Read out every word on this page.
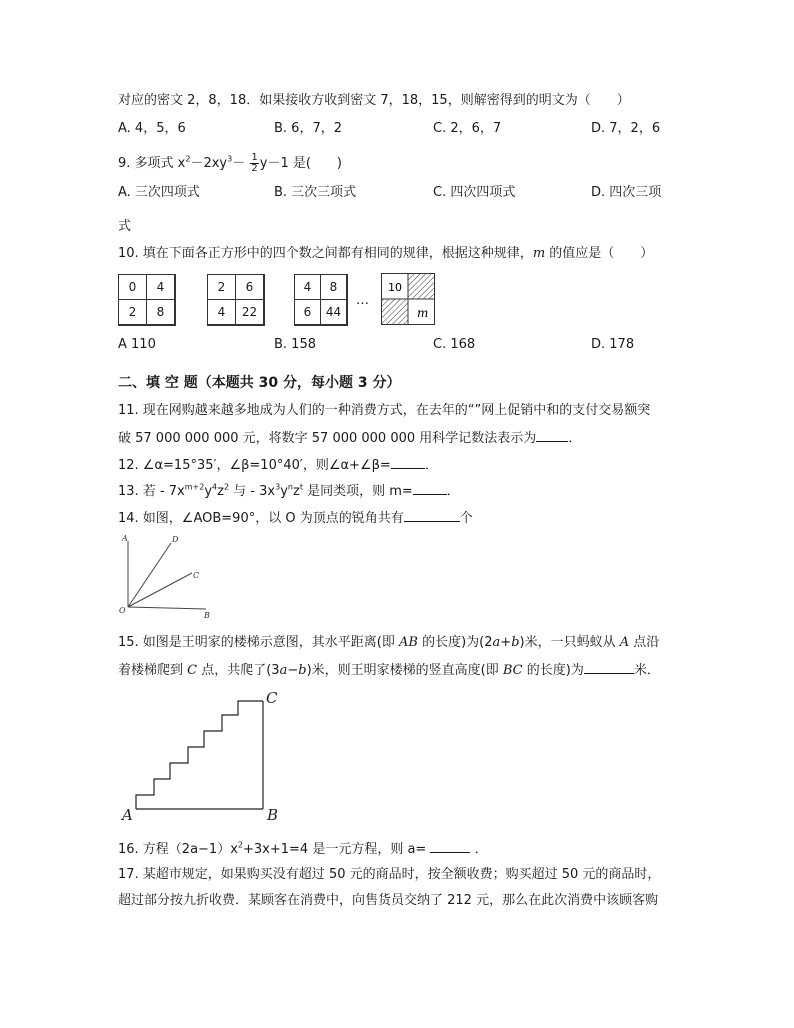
对应的密文 2，8，18．如果接收方收到密文 7，18，15，则解密得到的明文为（　　）
A. 4，5，6	B. 6，7，2	C. 2，6，7	D. 7，2，6
9. 多项式 $x^2-2xy^3- \frac{1}{2} y-1$ 是(　　)
A. 三次四项式	B. 三次三项式	C. 四次四项式	D. 四次三项
式
10. 填在下面各正方形中的四个数之间都有相同的规律，根据这种规律，m 的值应是（　　）
0	4
2	8
2	6
4	22
4	8
6	44
…
10
m
A 110	B. 158	C. 168	D. 178
二、填 空 题（本题共 30 分，每小题 3 分）
11. 现在网购越来越多地成为人们的一种消费方式，在去年的“”网上促销中和的支付交易额突
破 57 000 000 000 元，将数字 57 000 000 000 用科学记数法表示为 ．
12. ∠α=15°35′，∠β=10°40′，则∠α+∠β=	．
13. 若 - $7x^{m+2}y^4z^2$ 与 - $3x^3y^nz^t$ 是同类项，则 m=	．
14. 如图，∠AOB=90°，以 O 为顶点的锐角共有	个
A	D
C
O
B
15. 如图是王明家的楼梯示意图，其水平距离(即 AB 的长度)为(2a+b)米，一只蚂蚁从 A 点沿
着楼梯爬到 C 点，共爬了(3a−b)米，则王明家楼梯的竖直高度(即 BC 的长度)为	米．
C
A	B
16. 方程$(2a-1)x^2+3x+1=4$ 是一元方程，则 a=	．
17. 某超市规定，如果购买没有超过 50 元的商品时，按全额收费；购买超过 50 元的商品时，
超过部分按九折收费．某顾客在消费中，向售货员交纳了 212 元，那么在此次消费中该顾客购
